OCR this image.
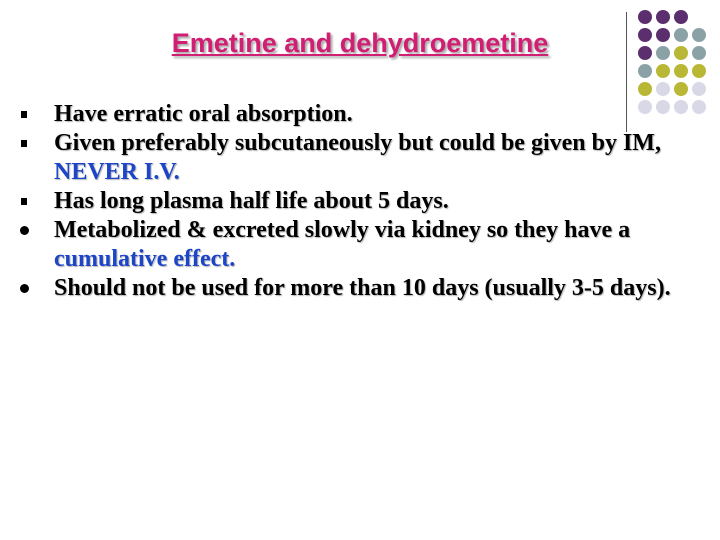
Emetine and dehydroemetine
Have erratic oral absorption.
Given preferably subcutaneously but could be given by IM, NEVER I.V.
Has long plasma half life about 5 days.
Metabolized & excreted slowly via kidney so they have a cumulative effect.
Should not be used for more than 10 days (usually 3-5 days).
